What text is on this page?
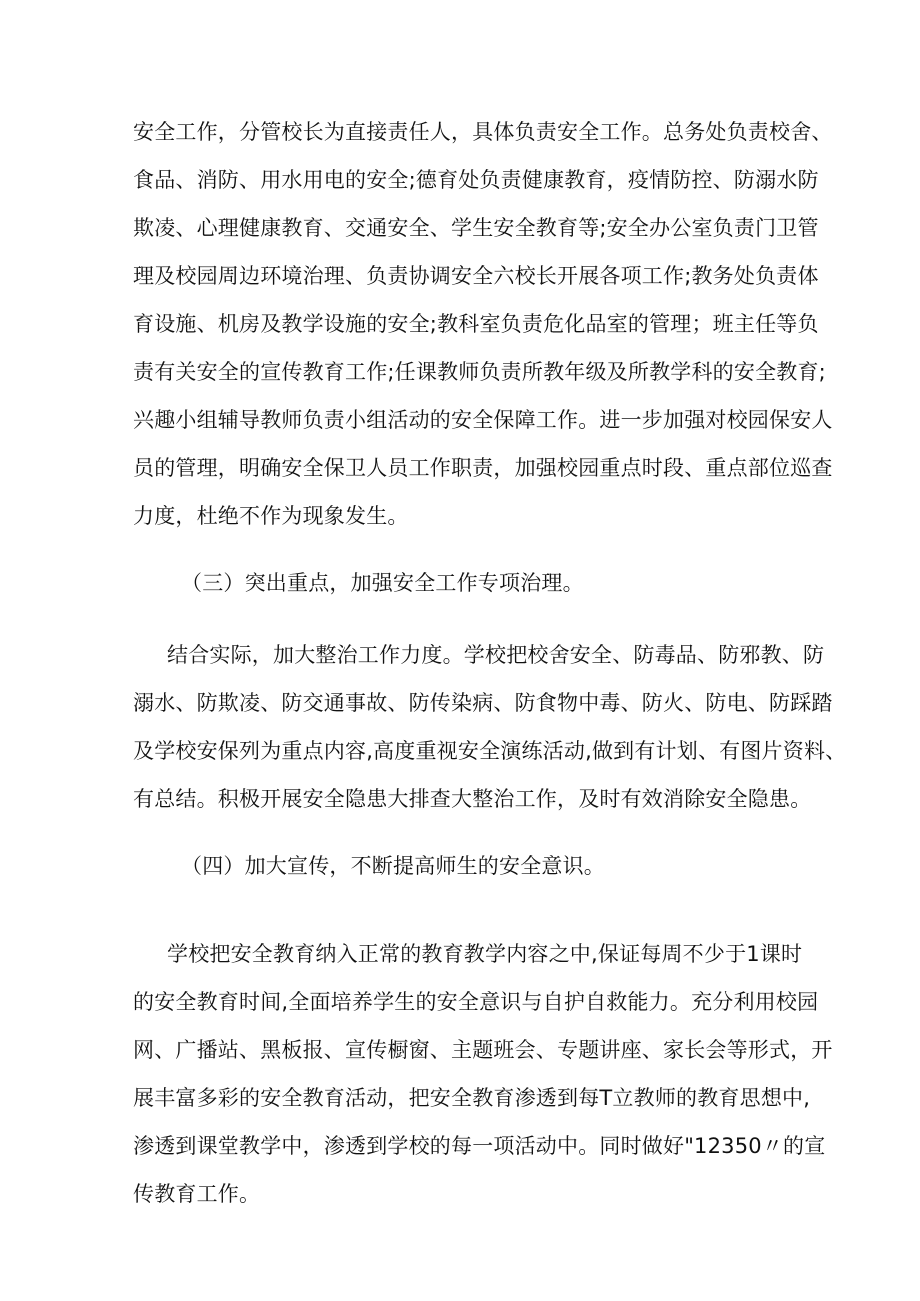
安全工作，分管校长为直接责任人，具体负责安全工作。总务处负责校舍、
食品、消防、用水用电的安全;德育处负责健康教育，疫情防控、防溺水防
欺凌、心理健康教育、交通安全、学生安全教育等;安全办公室负责门卫管
理及校园周边环境治理、负责协调安全六校长开展各项工作;教务处负责体
育设施、机房及教学设施的安全;教科室负责危化品室的管理；班主任等负
责有关安全的宣传教育工作;任课教师负责所教年级及所教学科的安全教育;
兴趣小组辅导教师负责小组活动的安全保障工作。进一步加强对校园保安人
员的管理，明确安全保卫人员工作职责，加强校园重点时段、重点部位巡查
力度，杜绝不作为现象发生。
（三）突出重点，加强安全工作专项治理。
结合实际，加大整治工作力度。学校把校舍安全、防毒品、防邪教、防
溺水、防欺凌、防交通事故、防传染病、防食物中毒、防火、防电、防踩踏
及学校安保列为重点内容,高度重视安全演练活动,做到有计划、有图片资料、
有总结。积极开展安全隐患大排查大整治工作，及时有效消除安全隐患。
（四）加大宣传，不断提高师生的安全意识。
学校把安全教育纳入正常的教育教学内容之中,保证每周不少于1课时
的安全教育时间,全面培养学生的安全意识与自护自救能力。充分利用校园
网、广播站、黑板报、宣传橱窗、主题班会、专题讲座、家长会等形式，开
展丰富多彩的安全教育活动，把安全教育渗透到每T立教师的教育思想中,
渗透到课堂教学中，渗透到学校的每一项活动中。同时做好"12350〃的宣
传教育工作。
